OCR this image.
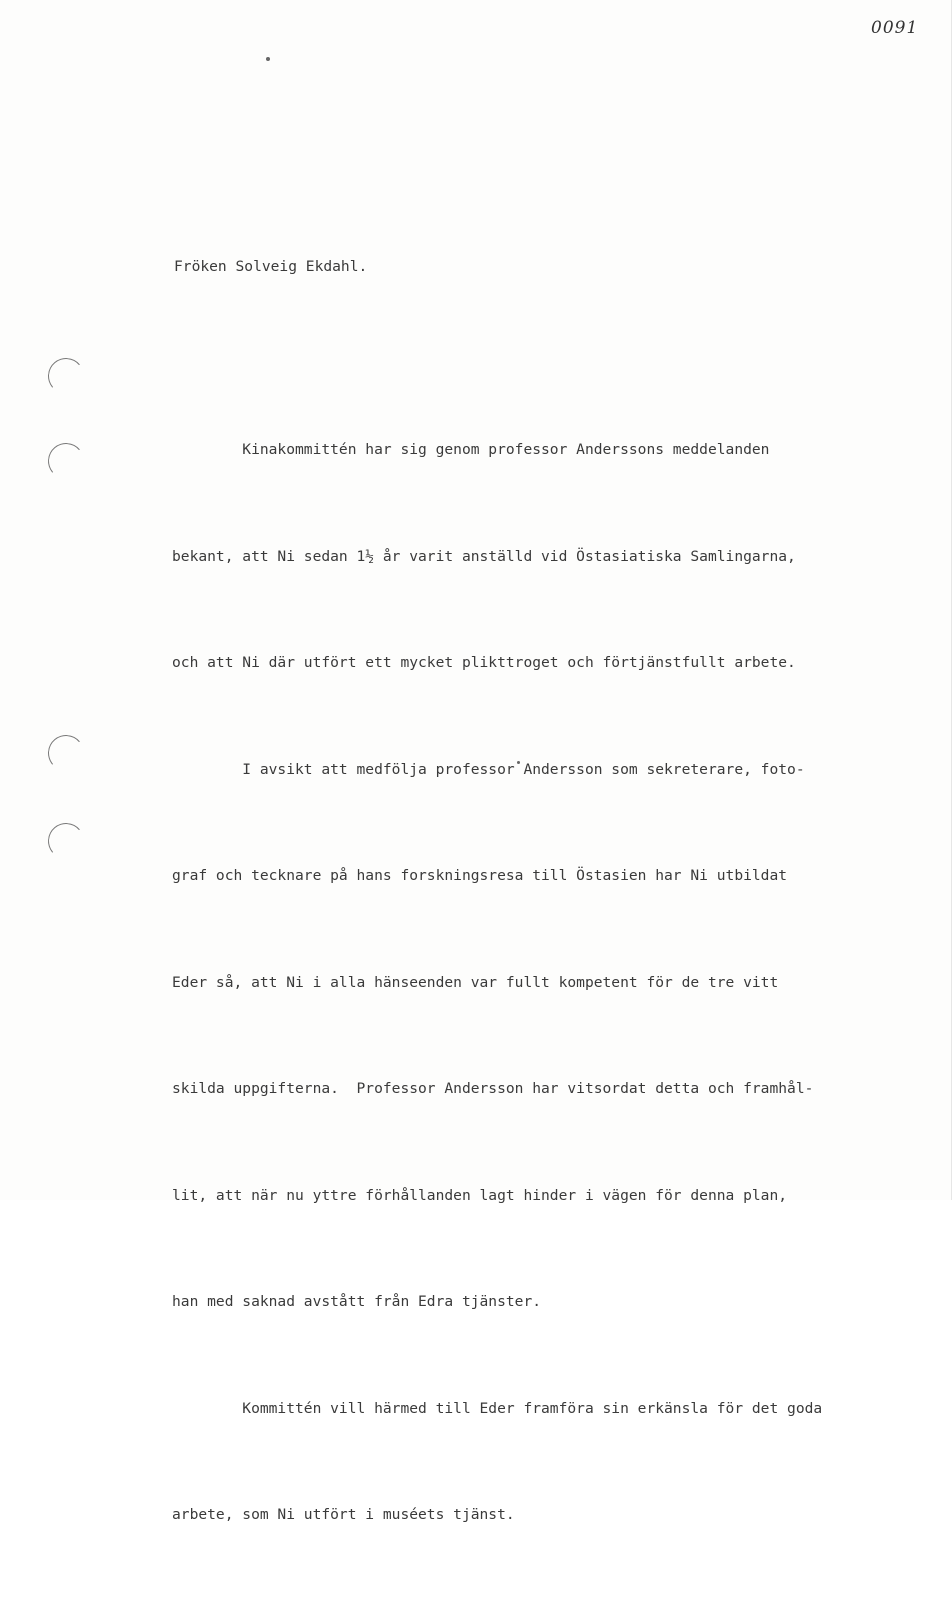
0091
Fröken Solveig Ekdahl.

Kinakommittén har sig genom professor Anderssons meddelanden

bekant, att Ni sedan 1½ år varit anställd vid Östasiatiska Samlingarna,

och att Ni där utfört ett mycket plikttroget och förtjänstfullt arbete.

I avsikt att medfölja professor Andersson som sekreterare, foto-

graf och tecknare på hans forskningsresa till Östasien har Ni utbildat

Eder så, att Ni i alla hänseenden var fullt kompetent för de tre vitt

skilda uppgifterna.  Professor Andersson har vitsordat detta och framhål-

lit, att när nu yttre förhållanden lagt hinder i vägen för denna plan,

han med saknad avstått från Edra tjänster.

Kommittén vill härmed till Eder framföra sin erkänsla för det goda

arbete, som Ni utfört i muséets tjänst.
